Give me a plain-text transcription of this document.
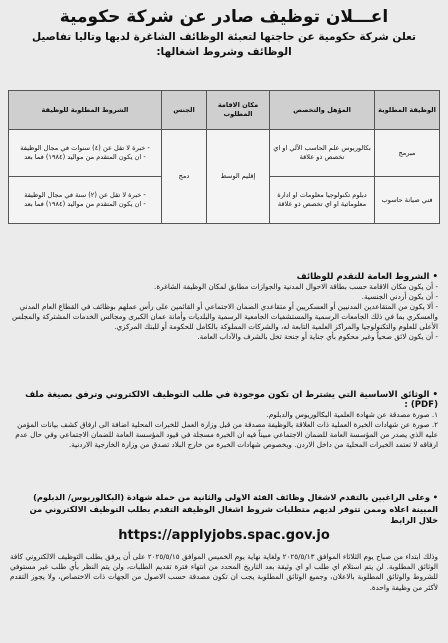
اعـــلان توظيف صادر عن شركة حكومية
تعلن شركة حكومية عن حاجتها لتعبئة الوظائف الشاغرة لديها وتاليا تفاصيل الوظائف وشروط اشغالها:
الوظيفة المطلوبة	المؤهل والتخصص	مكان الاقامة المطلوب	الجنس	الشروط المطلوبة للوظيفة
مبرمج	بكالوريوس علم الحاسب الآلي او اي تخصص ذو علاقة	إقليم الوسط	دمج	- خبرة لا تقل عن (٤) سنوات في مجال الوظيفة
- ان يكون المتقدم من مواليد (١٩٨٤) فما بعد

فني صيانة حاسوب	دبلوم تكنولوجيا معلومات او ادارة معلوماتية او اي تخصص ذو علاقة			- خبرة لا تقل عن (٢) سنة في مجال الوظيفة
- ان يكون المتقدم من مواليد (١٩٨٤) فما بعد

• الشروط العامة للتقدم للوظائف

- أن يكون مكان الاقامة حسب بطاقة الاحوال المدنية والجوازات مطابق لمكان الوظيفة الشاغرة.

- أن يكون أردني الجنسية.

- ألا يكون من المتقاعدين المدنيين أو العسكريين أو متقاعدي الضمان الاجتماعي أو القائمين على رأس عملهم بوظائف في القطاع العام المدني والعسكري بما في ذلك الجامعات الرسمية والمستشفيات الجامعية الرسمية والبلديات وأمانة عمان الكبرى ومجالس الخدمات المشتركة والمجلس الأعلى للعلوم والتكنولوجيا والمراكز العلمية التابعة له، والشركات المملوكة بالكامل للحكومة أو للبنك المركزي.

- أن يكون لائق صحياً وغير محكوم بأي جناية أو جنحة تخل بالشرف والآداب العامة.

• الوثائق الاساسية التي يشترط ان تكون موجودة في طلب التوظيف الالكتروني وترفق بصيغة ملف (PDF) :

١. صورة مصدقة عن شهادة العلمية البكالوريوس والدبلوم.

٢. صورة عن شهادات الخبرة العملية ذات العلاقة بالوظيفة مصدقة من قبل وزارة العمل للخبرات المحلية اضافة الى ارفاق كشف بيانات المؤمن عليه الذي يصدر من المؤسسة العامة للضمان الاجتماعي مبيناً فيه ان الخبرة مسجلة في قيود المؤسسة العامة للضمان الاجتماعي وفي حال عدم ارفاقه لا تعتمد الخبرات المحلية من داخل الاردن. وبخصوص شهادات الخبرة من خارج البلاد تصدق من وزارة الخارجية الاردنية.

• وعلى الراغبين بالتقدم لاشغال وظائف الفئة الاولى والثانية من حملة شهادة (البكالوريوس/ الدبلوم) المبينة اعلاه وممن تتوفر لديهم متطلبات شروط اشغال الوظيفة التقدم بطلب التوظيف الالكتروني من خلال الرابط

https://applyjobs.spac.gov.jo
وذلك ابتداء من صباح يوم الثلاثاء الموافق ٢٠٢٥/٥/١٣ ولغاية نهاية يوم الخميس الموافق ٢٠٢٥/٥/١٥ على أن يرفق بطلب التوظيف الالكتروني كافة الوثائق المطلوبة. لن يتم استلام اي طلب او اي وثيقة بعد التاريخ المحدد من انتهاء فترة تقديم الطلبات، ولن يتم النظر بأي طلب غير مستوفي للشروط والوثائق المطلوبة بالاعلان، وجميع الوثائق المطلوبة يجب ان تكون مصدقة حسب الاصول من الجهات ذات الاختصاص، ولا يجوز التقدم لأكثر من وظيفة واحدة.
